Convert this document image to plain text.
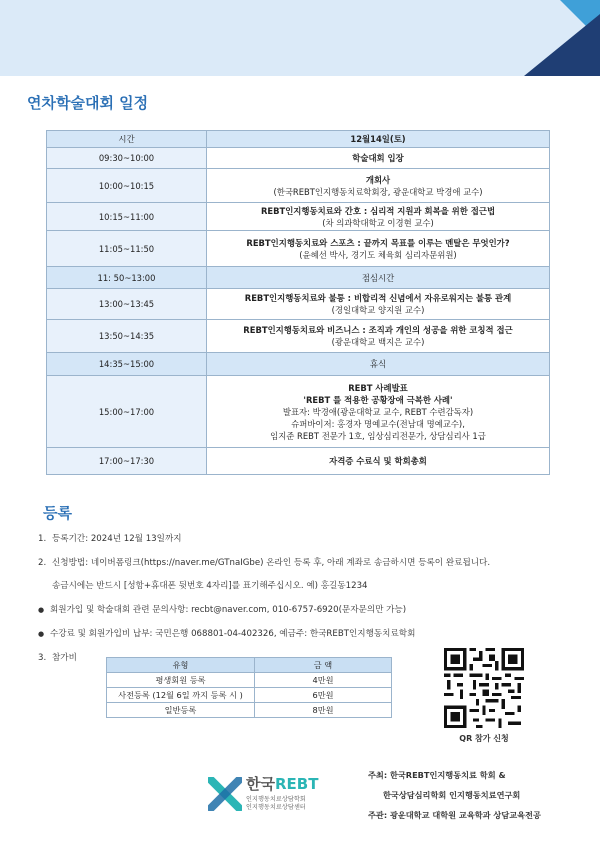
연차학술대회 일정
시간	12월14일(토)
09:30~10:00	학술대회 입장

10:00~10:15	개회사
(한국REBT인지행동치료학회장, 광운대학교 박경애 교수)

10:15~11:00	REBT인지행동치료와 간호 : 심리적 지원과 회복을 위한 접근법
(차 의과학대학교 이경현 교수)

11:05~11:50	REBT인지행동치료와 스포츠 : 끝까지 목표를 이루는 멘탈은 무엇인가?
(윤혜선 박사, 경기도 체육회 심리자문위원)

11: 50~13:00	점심시간

13:00~13:45	REBT인지행동치료와 불통 : 비합리적 신념에서 자유로워지는 불통 관계
(경일대학교 양지원 교수)

13:50~14:35	REBT인지행동치료와 비즈니스 : 조직과 개인의 성공을 위한 코칭적 접근
(광운대학교 백지은 교수)

14:35~15:00	휴식

15:00~17:00	REBT 사례발표
'REBT 를 적용한 공황장애 극복한 사례'
발표자: 박경애(광운대학교 교수, REBT 수련감독자)
슈퍼바이저: 홍경자 명예교수(전남대 명예교수),
임지준 REBT 전문가 1호, 임상심리전문가, 상담심리사 1급

17:00~17:30	자격증 수료식 및 학회총회
등록
1. 등록기간: 2024년 12월 13일까지
2. 신청방법: 네이버폼링크(https://naver.me/GTnaIGbe) 온라인 등록 후, 아래 계좌로 송금하시면 등록이 완료됩니다.
송금시에는 반드시 [성함+휴대폰 뒷번호 4자리]를 표기해주십시오. 예) 홍길동1234
● 회원가입 및 학술대회 관련 문의사항: recbt@naver.com, 010-6757-6920(문자문의만 가능)
● 수강료 및 회원가입비 납부: 국민은행 068801-04-402326, 예금주: 한국REBT인지행동치료학회
3. 참가비
유형	금 액
평생회원 등록	4만원
사전등록 (12월 6일 까지 등록 시 )	6만원
일반등록	8만원
QR 참가 신청
한국REBT
인지행동치료상담학회
인지행동치료상담센터
주최: 한국REBT인지행동치료 학회 &
한국상담심리학회 인지행동치료연구회
주관: 광운대학교 대학원 교육학과 상담교육전공
